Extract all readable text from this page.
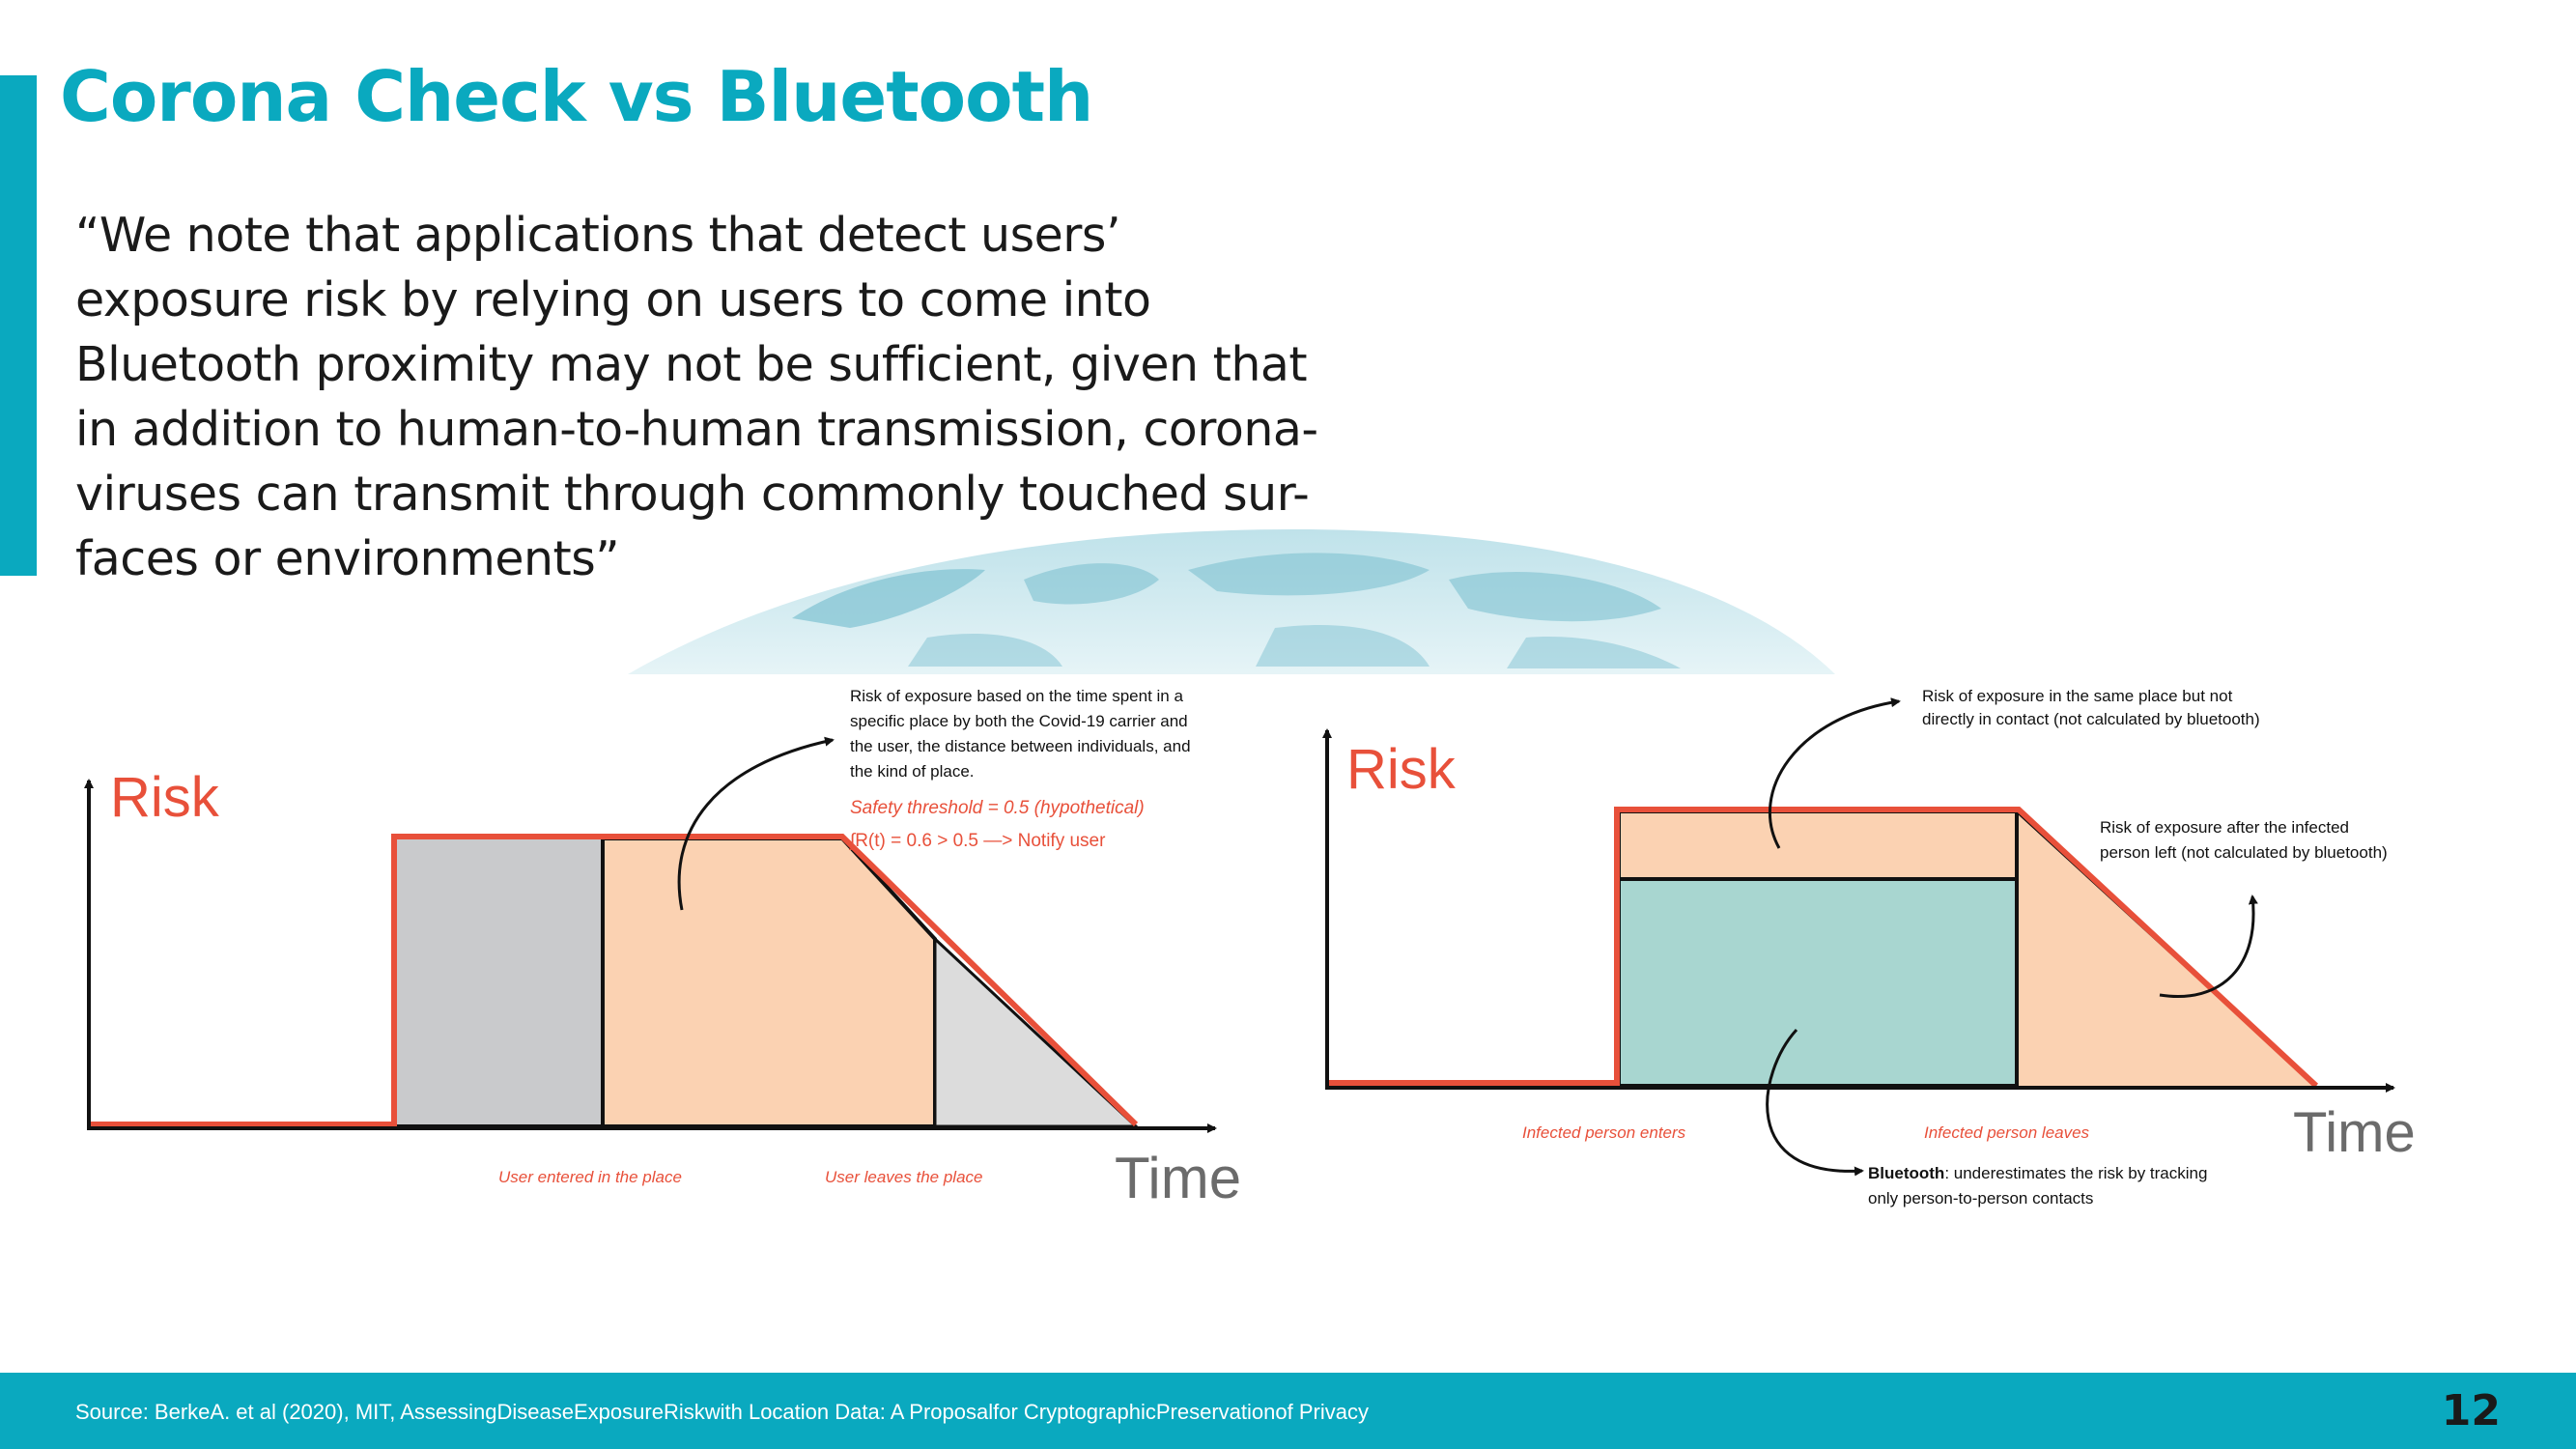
Corona Check vs Bluetooth
“We note that applications that detect users’
exposure risk by relying on users to come into
Bluetooth proximity may not be sufficient, given that
in addition to human-to-human transmission, corona-
viruses can transmit through commonly touched sur-
faces or environments”
Risk
Time
Risk of exposure based on the time spent in a
specific place by both the Covid-19 carrier and
the user, the distance between individuals, and
the kind of place.
Safety threshold = 0.5 (hypothetical)
∫R(t) = 0.6 > 0.5 —> Notify user
User entered in the place	User leaves the place
Risk
Time
Risk of exposure in the same place but not
directly in contact (not calculated by bluetooth)
Risk of exposure after the infected
person left (not calculated by bluetooth)
Bluetooth: underestimates the risk by tracking
only person-to-person contacts
Infected person enters	Infected person leaves
Source: BerkeA. et al (2020), MIT, AssessingDiseaseExposureRiskwith Location Data: A Proposalfor CryptographicPreservationof Privacy	12
